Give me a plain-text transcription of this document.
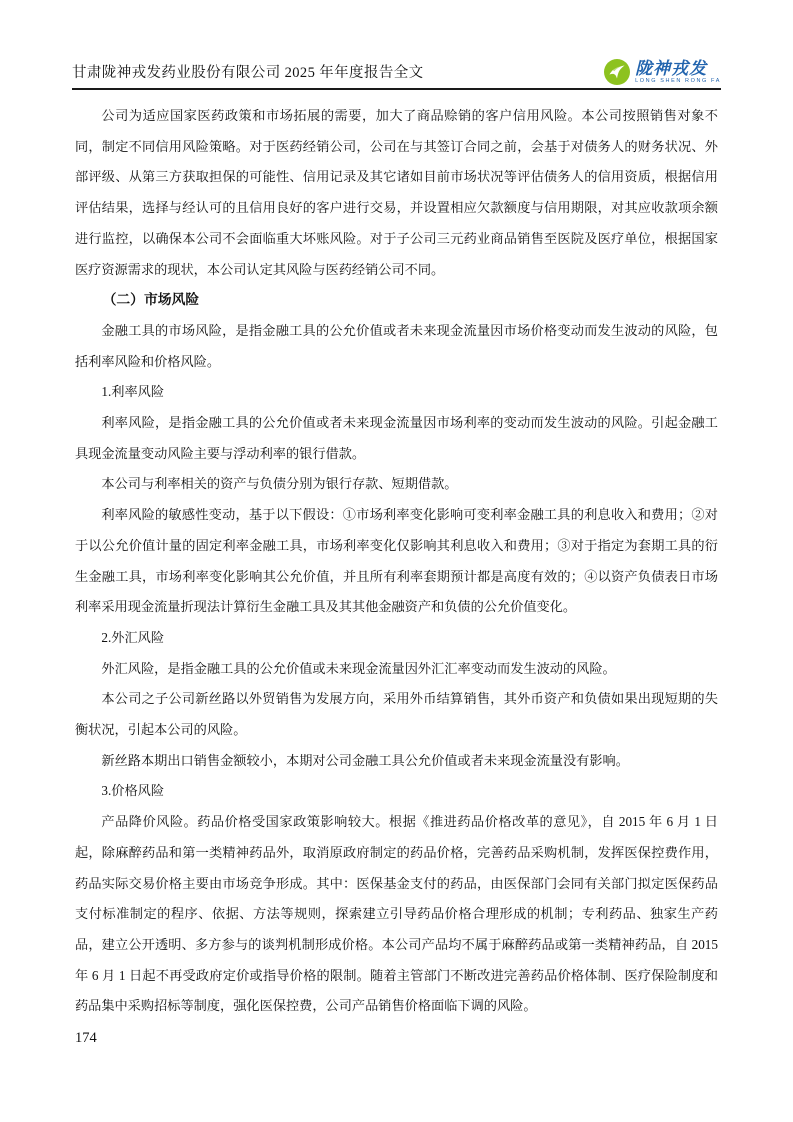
甘肃陇神戎发药业股份有限公司 2025 年年度报告全文	陇神戎发
LONG SHEN RONG FA

公司为适应国家医药政策和市场拓展的需要，加大了商品赊销的客户信用风险。本公司按照销售对象不同，制定不同信用风险策略。对于医药经销公司，公司在与其签订合同之前，会基于对债务人的财务状况、外部评级、从第三方获取担保的可能性、信用记录及其它诸如目前市场状况等评估债务人的信用资质，根据信用评估结果，选择与经认可的且信用良好的客户进行交易，并设置相应欠款额度与信用期限，对其应收款项余额进行监控，以确保本公司不会面临重大坏账风险。对于子公司三元药业商品销售至医院及医疗单位，根据国家医疗资源需求的现状，本公司认定其风险与医药经销公司不同。

（二）市场风险

金融工具的市场风险，是指金融工具的公允价值或者未来现金流量因市场价格变动而发生波动的风险，包括利率风险和价格风险。

1.利率风险

利率风险，是指金融工具的公允价值或者未来现金流量因市场利率的变动而发生波动的风险。引起金融工具现金流量变动风险主要与浮动利率的银行借款。

本公司与利率相关的资产与负债分别为银行存款、短期借款。

利率风险的敏感性变动，基于以下假设：①市场利率变化影响可变利率金融工具的利息收入和费用；②对于以公允价值计量的固定利率金融工具，市场利率变化仅影响其利息收入和费用；③对于指定为套期工具的衍生金融工具，市场利率变化影响其公允价值，并且所有利率套期预计都是高度有效的；④以资产负债表日市场利率采用现金流量折现法计算衍生金融工具及其其他金融资产和负债的公允价值变化。

2.外汇风险

外汇风险，是指金融工具的公允价值或未来现金流量因外汇汇率变动而发生波动的风险。

本公司之子公司新丝路以外贸销售为发展方向，采用外币结算销售，其外币资产和负债如果出现短期的失衡状况，引起本公司的风险。

新丝路本期出口销售金额较小，本期对公司金融工具公允价值或者未来现金流量没有影响。

3.价格风险

产品降价风险。药品价格受国家政策影响较大。根据《推进药品价格改革的意见》，自 2015 年 6 月 1 日起，除麻醉药品和第一类精神药品外，取消原政府制定的药品价格，完善药品采购机制，发挥医保控费作用，药品实际交易价格主要由市场竞争形成。其中：医保基金支付的药品，由医保部门会同有关部门拟定医保药品支付标准制定的程序、依据、方法等规则，探索建立引导药品价格合理形成的机制；专利药品、独家生产药品，建立公开透明、多方参与的谈判机制形成价格。本公司产品均不属于麻醉药品或第一类精神药品，自 2015 年 6 月 1 日起不再受政府定价或指导价格的限制。随着主管部门不断改进完善药品价格体制、医疗保险制度和药品集中采购招标等制度，强化医保控费，公司产品销售价格面临下调的风险。

174
